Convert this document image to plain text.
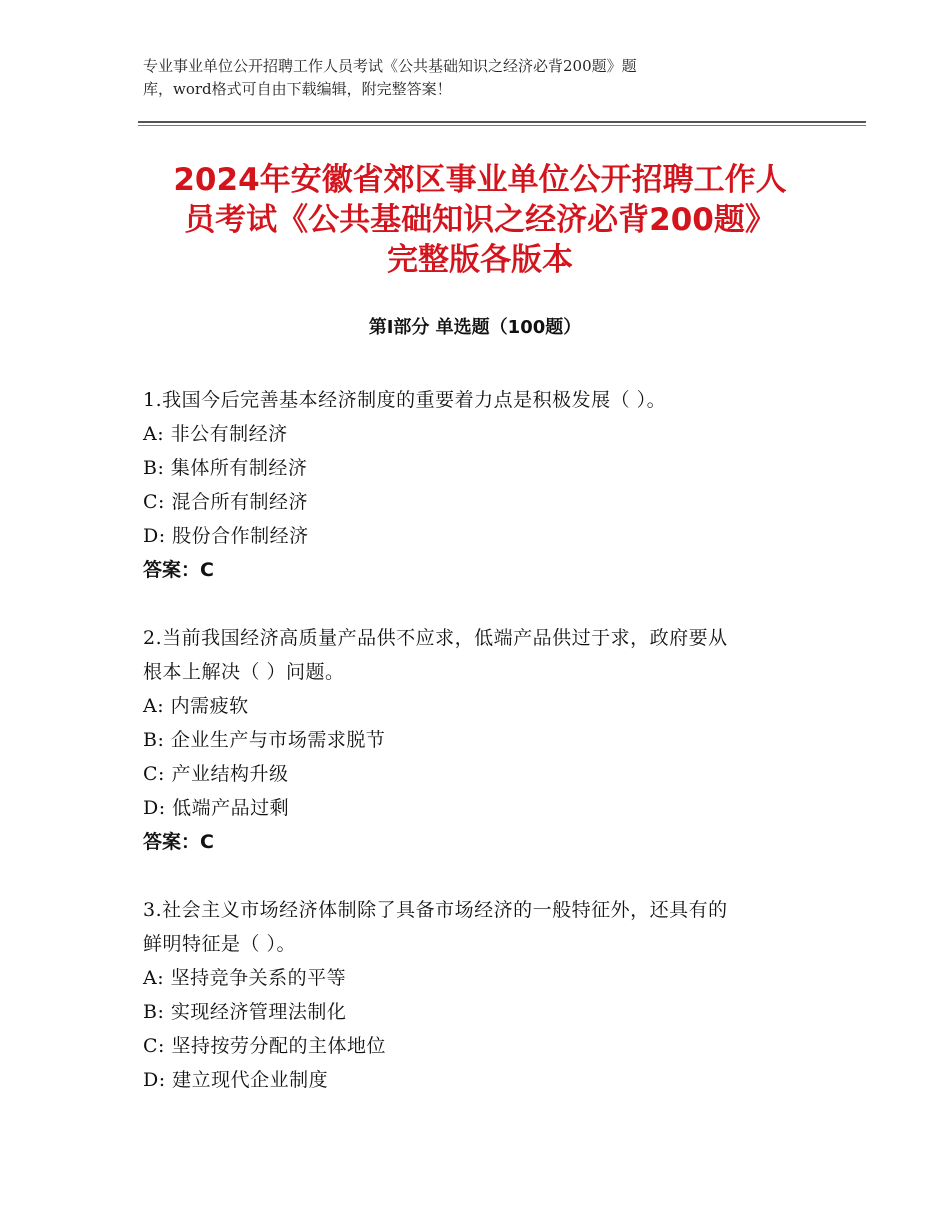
专业事业单位公开招聘工作人员考试《公共基础知识之经济必背200题》题
库，word格式可自由下载编辑，附完整答案！
2024年安徽省郊区事业单位公开招聘工作人
员考试《公共基础知识之经济必背200题》
完整版各版本
第Ⅰ部分 单选题（100题）
1.我国今后完善基本经济制度的重要着力点是积极发展（ ）。
A: 非公有制经济
B: 集体所有制经济
C: 混合所有制经济
D: 股份合作制经济
答案：C
2.当前我国经济高质量产品供不应求，低端产品供过于求，政府要从
根本上解决（ ）问题。
A: 内需疲软
B: 企业生产与市场需求脱节
C: 产业结构升级
D: 低端产品过剩
答案：C
3.社会主义市场经济体制除了具备市场经济的一般特征外，还具有的
鲜明特征是（ ）。
A: 坚持竞争关系的平等
B: 实现经济管理法制化
C: 坚持按劳分配的主体地位
D: 建立现代企业制度
